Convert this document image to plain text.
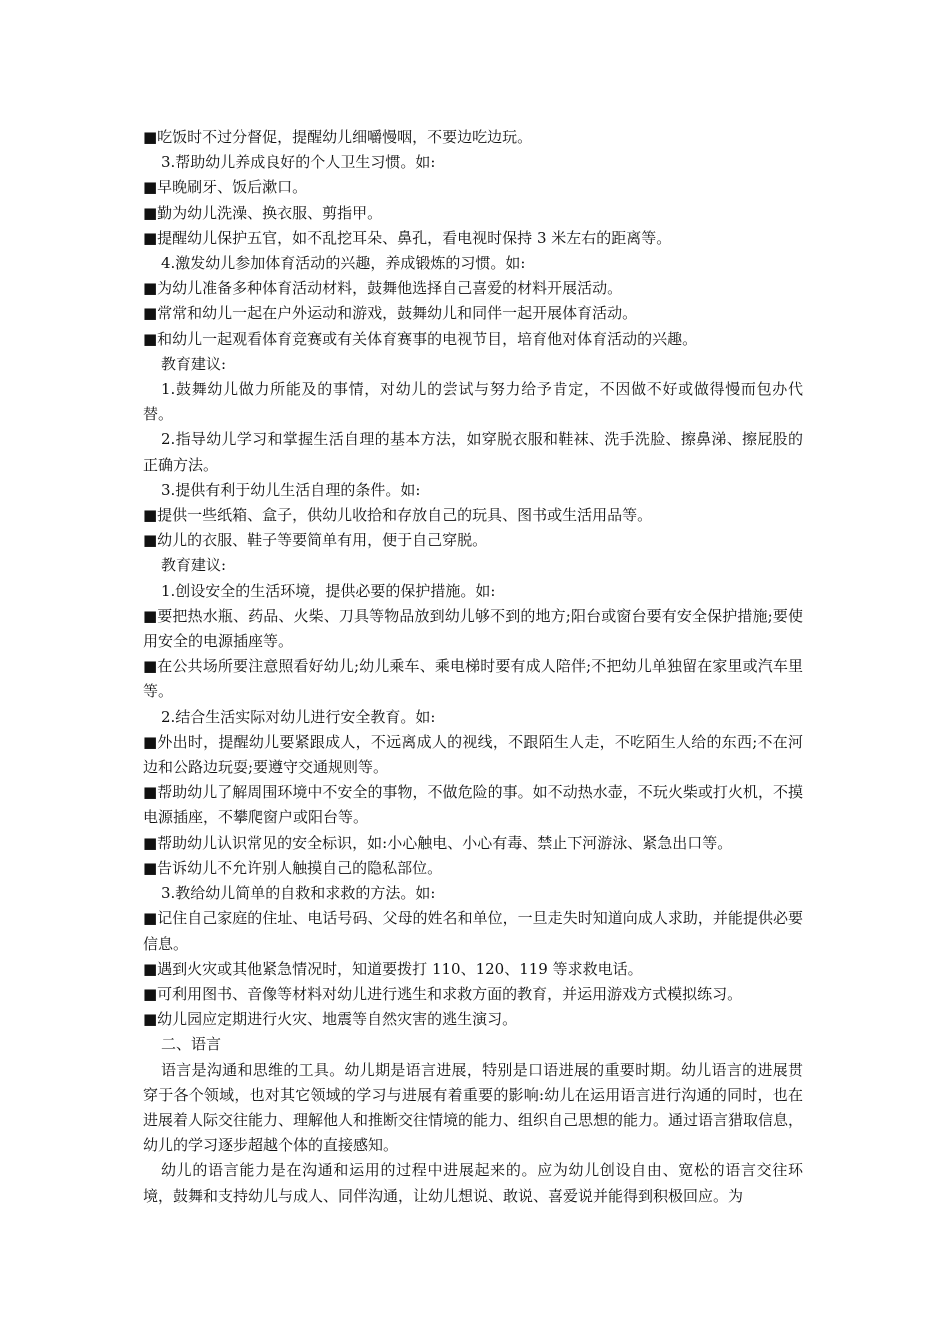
■吃饭时不过分督促，提醒幼儿细嚼慢咽，不要边吃边玩。

3.帮助幼儿养成良好的个人卫生习惯。如:

■早晚刷牙、饭后漱口。

■勤为幼儿洗澡、换衣服、剪指甲。

■提醒幼儿保护五官，如不乱挖耳朵、鼻孔，看电视时保持 3 米左右的距离等。

4.激发幼儿参加体育活动的兴趣，养成锻炼的习惯。如:

■为幼儿准备多种体育活动材料，鼓舞他选择自己喜爱的材料开展活动。

■常常和幼儿一起在户外运动和游戏，鼓舞幼儿和同伴一起开展体育活动。

■和幼儿一起观看体育竞赛或有关体育赛事的电视节目，培育他对体育活动的兴趣。

教育建议:

1.鼓舞幼儿做力所能及的事情，对幼儿的尝试与努力给予肯定，不因做不好或做得慢而包办代替。

2.指导幼儿学习和掌握生活自理的基本方法，如穿脱衣服和鞋袜、洗手洗脸、擦鼻涕、擦屁股的正确方法。

3.提供有利于幼儿生活自理的条件。如:

■提供一些纸箱、盒子，供幼儿收拾和存放自己的玩具、图书或生活用品等。

■幼儿的衣服、鞋子等要简单有用，便于自己穿脱。

教育建议:

1.创设安全的生活环境，提供必要的保护措施。如:

■要把热水瓶、药品、火柴、刀具等物品放到幼儿够不到的地方;阳台或窗台要有安全保护措施;要使用安全的电源插座等。

■在公共场所要注意照看好幼儿;幼儿乘车、乘电梯时要有成人陪伴;不把幼儿单独留在家里或汽车里等。

2.结合生活实际对幼儿进行安全教育。如:

■外出时，提醒幼儿要紧跟成人，不远离成人的视线，不跟陌生人走，不吃陌生人给的东西;不在河边和公路边玩耍;要遵守交通规则等。

■帮助幼儿了解周围环境中不安全的事物，不做危险的事。如不动热水壶，不玩火柴或打火机，不摸电源插座，不攀爬窗户或阳台等。

■帮助幼儿认识常见的安全标识，如:小心触电、小心有毒、禁止下河游泳、紧急出口等。

■告诉幼儿不允许别人触摸自己的隐私部位。

3.教给幼儿简单的自救和求救的方法。如:

■记住自己家庭的住址、电话号码、父母的姓名和单位，一旦走失时知道向成人求助，并能提供必要信息。

■遇到火灾或其他紧急情况时，知道要拨打 110、120、119 等求救电话。

■可利用图书、音像等材料对幼儿进行逃生和求救方面的教育，并运用游戏方式模拟练习。

■幼儿园应定期进行火灾、地震等自然灾害的逃生演习。

二、语言

语言是沟通和思维的工具。幼儿期是语言进展，特别是口语进展的重要时期。幼儿语言的进展贯穿于各个领域，也对其它领域的学习与进展有着重要的影响:幼儿在运用语言进行沟通的同时，也在进展着人际交往能力、理解他人和推断交往情境的能力、组织自己思想的能力。通过语言猎取信息，幼儿的学习逐步超越个体的直接感知。

幼儿的语言能力是在沟通和运用的过程中进展起来的。应为幼儿创设自由、宽松的语言交往环境，鼓舞和支持幼儿与成人、同伴沟通，让幼儿想说、敢说、喜爱说并能得到积极回应。为
